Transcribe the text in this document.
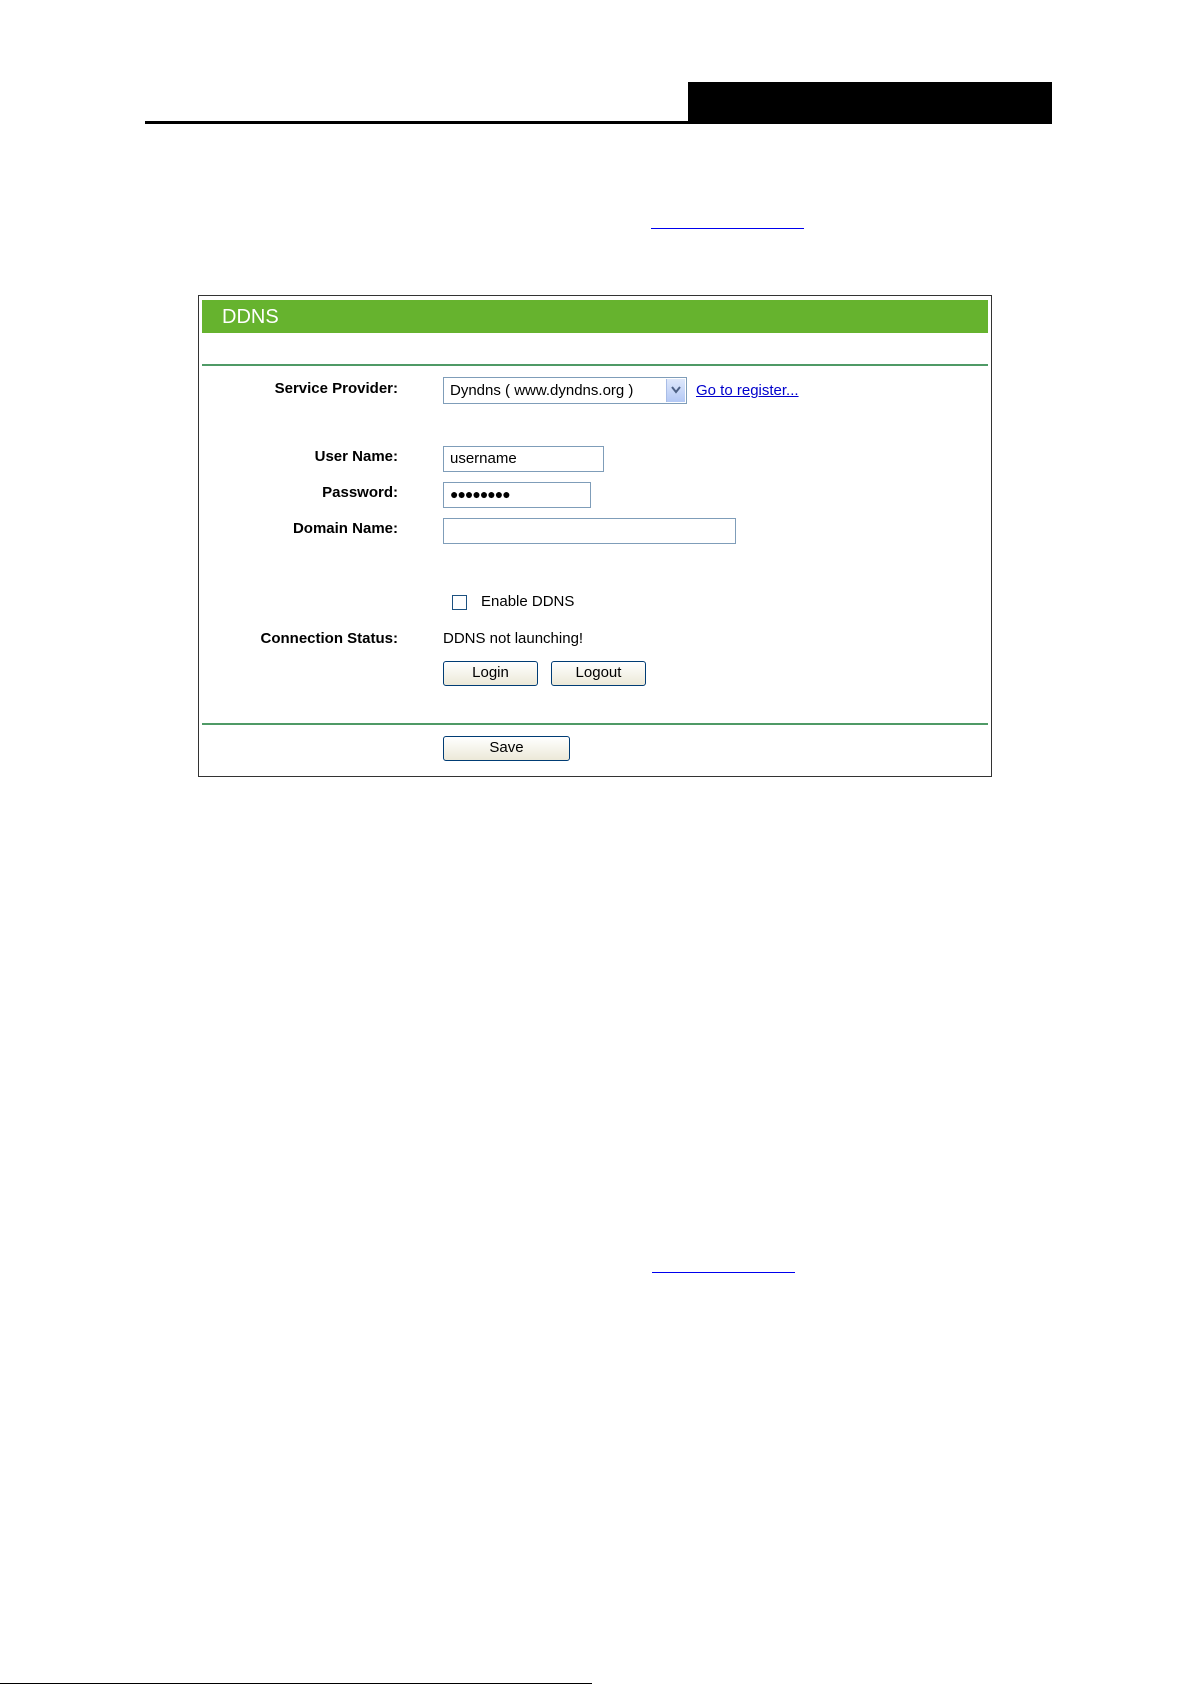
DDNS
Service Provider:	Dyndns ( www.dyndns.org )	Go to register...
User Name:	username
Password:	●●●●●●●●
Domain Name:
Enable DDNS
Connection Status:	DDNS not launching!
Login	Logout
Save
